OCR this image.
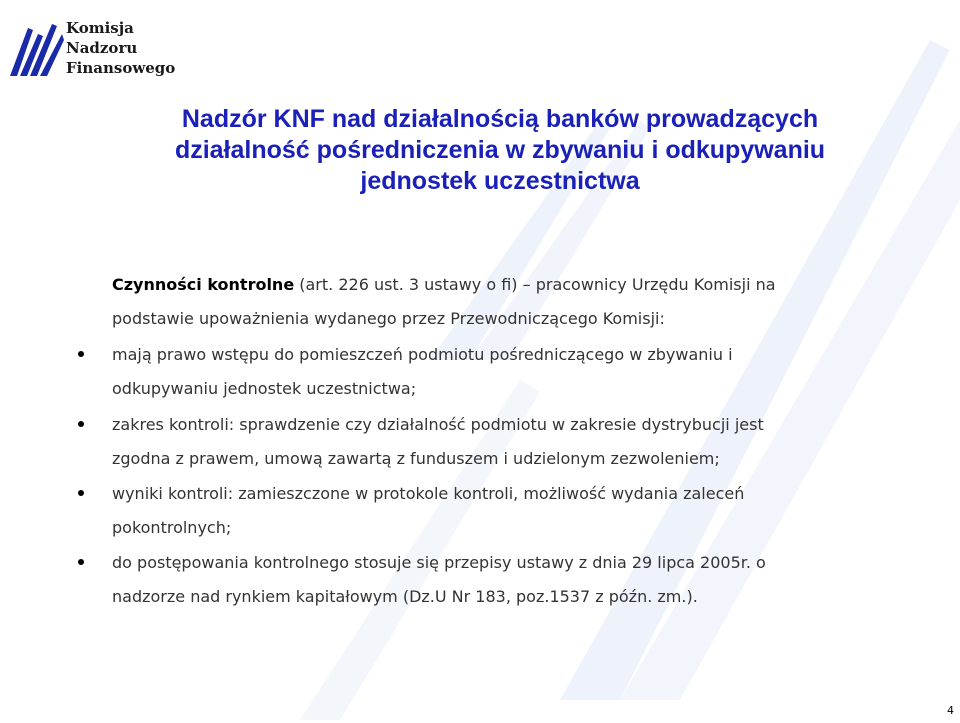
Komisja
Nadzoru
Finansowego
Nadzór KNF nad działalnością banków prowadzących
działalność pośredniczenia w zbywaniu i odkupywaniu
jednostek uczestnictwa
Czynności kontrolne (art. 226 ust. 3 ustawy o fi) – pracownicy Urzędu Komisji na
podstawie upoważnienia wydanego przez Przewodniczącego Komisji:
mają prawo wstępu do pomieszczeń podmiotu pośredniczącego w zbywaniu i
odkupywaniu jednostek uczestnictwa;
zakres kontroli: sprawdzenie czy działalność podmiotu w zakresie dystrybucji jest
zgodna z prawem, umową zawartą z funduszem i udzielonym zezwoleniem;
wyniki kontroli: zamieszczone w protokole kontroli, możliwość wydania zaleceń
pokontrolnych;
do postępowania kontrolnego stosuje się przepisy ustawy z dnia 29 lipca 2005r. o
nadzorze nad rynkiem kapitałowym (Dz.U Nr 183, poz.1537 z późn. zm.).
4
